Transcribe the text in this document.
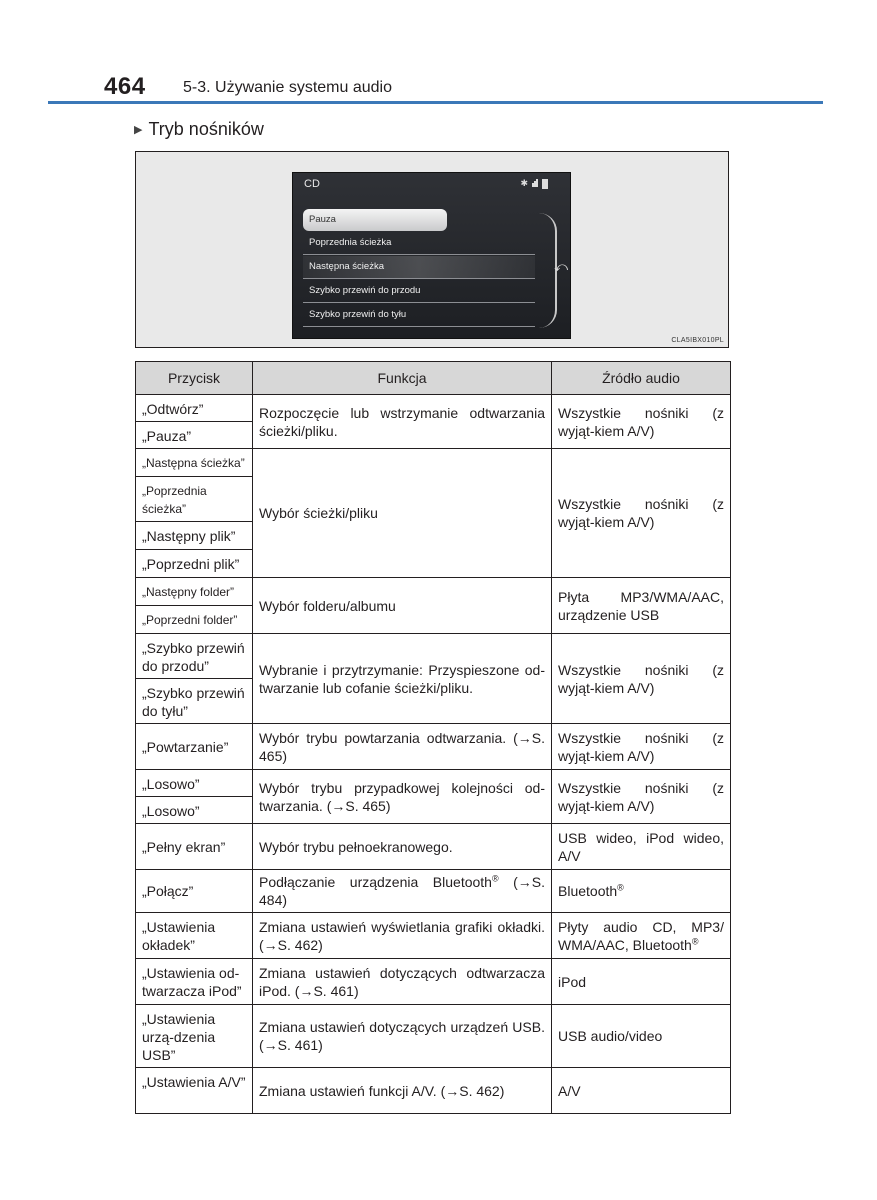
464 5-3. Używanie systemu audio
▶ Tryb nośników
CD	✱
Pauza
Poprzednia ścieżka
Następna ścieżka
Szybko przewiń do przodu
Szybko przewiń do tyłu
⤺
CLA5IBX010PL
Przycisk	Funkcja	Źródło audio
„Odtwórz”	Rozpoczęcie lub wstrzymanie odtwarzania ścieżki/pliku.	Wszystkie nośniki (z wyjąt-kiem A/V)
„Pauza”		
„Następna ścieżka”	Wybór ścieżki/pliku	Wszystkie nośniki (z wyjąt-kiem A/V)
„Poprzednia ścieżka”		
„Następny plik”		
„Poprzedni plik”		
„Następny folder”	Wybór folderu/albumu	Płyta MP3/WMA/AAC, urządzenie USB
„Poprzedni folder”		
„Szybko przewiń do przodu”	Wybranie i przytrzymanie: Przyspieszone od-twarzanie lub cofanie ścieżki/pliku.	Wszystkie nośniki (z wyjąt-kiem A/V)
„Szybko przewiń do tyłu”		
„Powtarzanie”	Wybór trybu powtarzania odtwarzania. (→S. 465)	Wszystkie nośniki (z wyjąt-kiem A/V)
„Losowo”	Wybór trybu przypadkowej kolejności od-twarzania. (→S. 465)	Wszystkie nośniki (z wyjąt-kiem A/V)
„Losowo”		
„Pełny ekran”	Wybór trybu pełnoekranowego.	USB wideo, iPod wideo, A/V
„Połącz”	Podłączanie urządzenia Bluetooth® (→S. 484)	Bluetooth®
„Ustawienia okładek”	Zmiana ustawień wyświetlania grafiki okładki. (→S. 462)	Płyty audio CD, MP3/ WMA/AAC, Bluetooth®
„Ustawienia od-twarzacza iPod”	Zmiana ustawień dotyczących odtwarzacza iPod. (→S. 461)	iPod
„Ustawienia urzą-dzenia USB”	Zmiana ustawień dotyczących urządzeń USB. (→S. 461)	USB audio/video
„Ustawienia A/V”	Zmiana ustawień funkcji A/V. (→S. 462)	A/V
